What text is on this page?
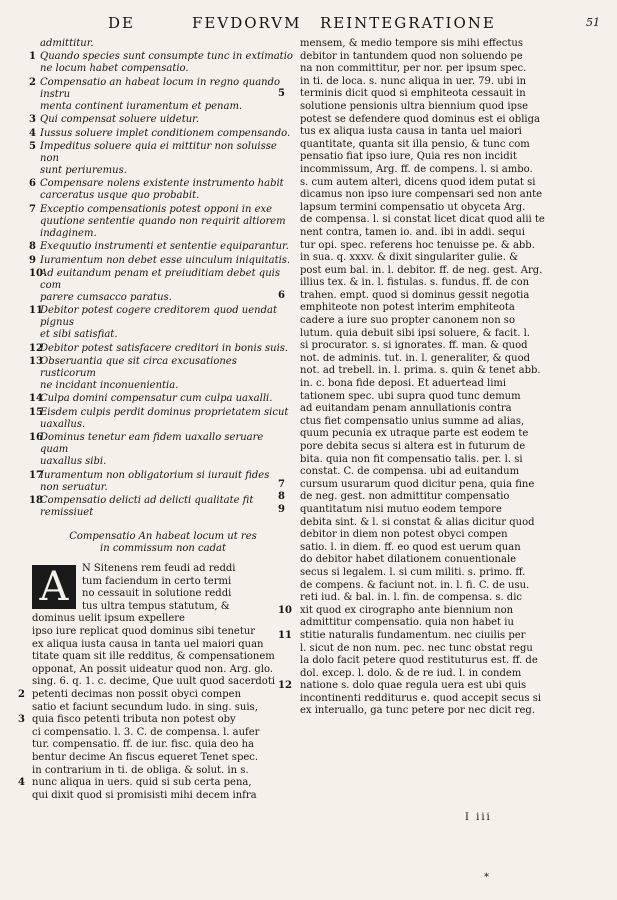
DE	FEVDORVM REINTEGRATIONE	51
admittitur.
1 Quando species sunt consumpte tunc in extimatio
ne locum habet compensatio.
2 Compensatio an habeat locum in regno quando instru
menta continent iuramentum et penam.
3 Qui compensat soluere uidetur.
4 Iussus soluere implet conditionem compensando.
5 Impeditus soluere quia ei mittitur non soluisse non
sunt periuremus.
6 Compensare nolens existente instrumento habit
carceratus usque quo probabit.
7 Exceptio compensationis potest opponi in exe
quutione sententie quando non requirit altiorem
indaginem.
8 Exequutio instrumenti et sententie equiparantur.
9 Iuramentum non debet esse uinculum iniquitatis.
10
Ad euitandum penam et preiuditiam debet quis com
parere cumsacco paratus.
11
Debitor potest cogere creditorem quod uendat pignus
et sibi satisfiat.
12
Debitor potest satisfacere creditori in bonis suis.
13
Obseruantia que sit circa excusationes rusticorum
ne incidant inconuenientia.
14
Culpa domini compensatur cum culpa uaxalli.
15
Eisdem culpis perdit dominus proprietatem sicut
uaxallus.
16
Dominus tenetur eam fidem uaxallo seruare quam
uaxallus sibi.
17
Iuramentum non obligatorium si iurauit fides
non seruatur.
18
Compensatio delicti ad delicti qualitate fit remissiuet
Compensatio An habeat locum ut res
in commissum non cadat
A	N Sitenens rem feudi ad reddi
tum faciendum in certo termi
no cessauit in solutione reddi
tus ultra tempus statutum, &
dominus uelit ipsum expellere
ipso iure replicat quod dominus sibi tenetur
ex aliqua iusta causa in tanta uel maiori quan
titate quam sit ille redditus, & compensationem
opponat, An possit uideatur quod non. Arg. glo.
sing. 6. q. 1. c. decime, Que uult quod sacerdoti

2 petenti decimas non possit obyci compen
satio et faciunt secundum ludo. in sing. suis,

3 quia fisco petenti tributa non potest oby
ci compensatio. l. 3. C. de compensa. l. aufer
tur. compensatio. ff. de iur. fisc. quia deo ha
bentur decime An fiscus equeret Tenet spec.
in contrarium in ti. de obliga. & solut. in s.

4 nunc aliqua in uers. quid si sub certa pena,
qui dixit quod si promisisti mihi decem infra

mensem, & medio tempore sis mihi effectus
debitor in tantundem quod non soluendo pe
na non committitur, per nor. per ipsum spec.

in ti. de loca. s. nunc aliqua in uer. 79. ubi in

5 terminis dicit quod si emphiteota cessauit in
solutione pensionis ultra biennium quod ipse
potest se defendere quod dominus est ei obliga
tus ex aliqua iusta causa in tanta uel maiori
quantitate, quanta sit illa pensio, & tunc com
pensatio fiat ipso iure, Quia res non incidit
incommissum, Arg. ff. de compens. l. si ambo.

s. cum autem alteri, dicens quod idem putat si
dicamus non ipso iure compensari sed non ante
lapsum termini compensatio ut obyceta Arg.
de compensa. l. si constat licet dicat quod alii te
nent contra, tamen io. and. ibi in addi. sequi
tur opi. spec. referens hoc tenuisse pe. & abb.
in sua. q. xxxv. & dixit singulariter gulie. &
post eum bal. in. l. debitor. ff. de neg. gest. Arg.
illius tex. & in. l. fistulas. s. fundus. ff. de con

6 trahen. empt. quod si dominus gessit negotia
emphiteote non potest interim emphiteota
cadere a iure suo propter canonem non so
lutum. quia debuit sibi ipsi soluere, & facit. l.
si procurator. s. si ignorates. ff. man. & quod
not. de adminis. tut. in. l. generaliter, & quod
not. ad trebell. in. l. prima. s. quin & tenet abb.
in. c. bona fide deposi. Et aduertead limi
tationem spec. ubi supra quod tunc demum
ad euitandam penam annullationis contra
ctus fiet compensatio unius summe ad alias,
quum pecunia ex utraque parte est eodem te
pore debita secus si altera est in futurum de
bita. quia non fit compensatio talis. per. l. si
constat. C. de compensa. ubi ad euitandum

7 cursum usurarum quod dicitur pena, quia fine

8 de neg. gest. non admittitur compensatio

9 quantitatum nisi mutuo eodem tempore
debita sint. & l. si constat & alias dicitur quod
debitor in diem non potest obyci compen
satio. l. in diem. ff. eo quod est uerum quan
do debitor habet dilationem conuentionale
secus si legalem. l. si cum militi. s. primo. ff.
de compens. & faciunt not. in. l. fi. C. de usu.
reti iud. & bal. in. l. fin. de compensa. s. dic

10 xit quod ex cirographo ante biennium non
admittitur compensatio. quia non habet iu

11 stitie naturalis fundamentum. nec ciuilis per
l. sicut de non num. pec. nec tunc obstat regu
la dolo facit petere quod restituturus est. ff. de
dol. excep. l. dolo. & de re iud. l. in condem

12 natione s. dolo quae regula uera est ubi quis
incontinenti redditurus e. quod accepit secus si
ex interuallo, ga tunc petere por nec dicit reg.

I iii
*
